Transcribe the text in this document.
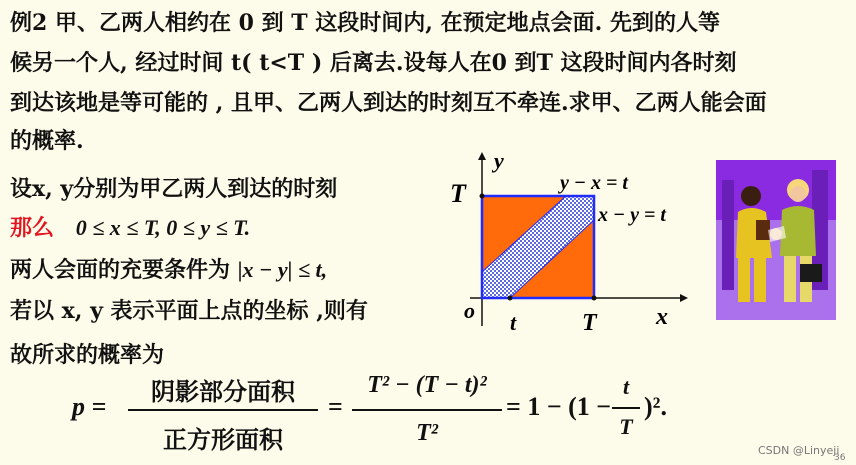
例2 甲、乙两人相约在 0 到 T 这段时间内, 在预定地点会面. 先到的人等
候另一个人, 经过时间 t( t<T ) 后离去.设每人在0 到T 这段时间内各时刻
到达该地是等可能的 , 且甲、乙两人到达的时刻互不牵连.求甲、乙两人能会面
的概率.
设x, y分别为甲乙两人到达的时刻
那么 0 ≤ x ≤ T, 0 ≤ y ≤ T.
两人会面的充要条件为 |x − y| ≤ t,
若以 x, y 表示平面上点的坐标 ,则有
故所求的概率为
p =
阴影部分面积
正方形面积
=
T² − (T − t)²
T²
= 1 − (1 −
t
T
)².
y
x
o
T
t	T
y − x = t
x − y = t
CSDN @Linyeji
36
